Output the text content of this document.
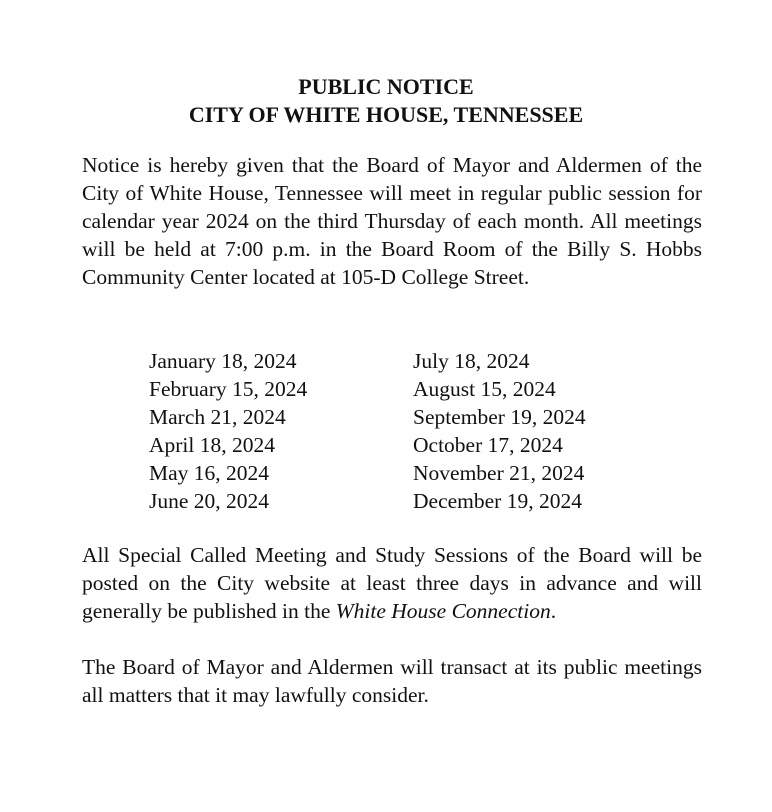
PUBLIC NOTICE
CITY OF WHITE HOUSE, TENNESSEE
Notice is hereby given that the Board of Mayor and Aldermen of the City of White House, Tennessee will meet in regular public session for calendar year 2024 on the third Thursday of each month. All meetings will be held at 7:00 p.m. in the Board Room of the Billy S. Hobbs Community Center located at 105-D College Street.
January 18, 2024
February 15, 2024
March 21, 2024
April 18, 2024
May 16, 2024
June 20, 2024
July 18, 2024
August 15, 2024
September 19, 2024
October 17, 2024
November 21, 2024
December 19, 2024
All Special Called Meeting and Study Sessions of the Board will be posted on the City website at least three days in advance and will generally be published in the White House Connection.
The Board of Mayor and Aldermen will transact at its public meetings all matters that it may lawfully consider.
